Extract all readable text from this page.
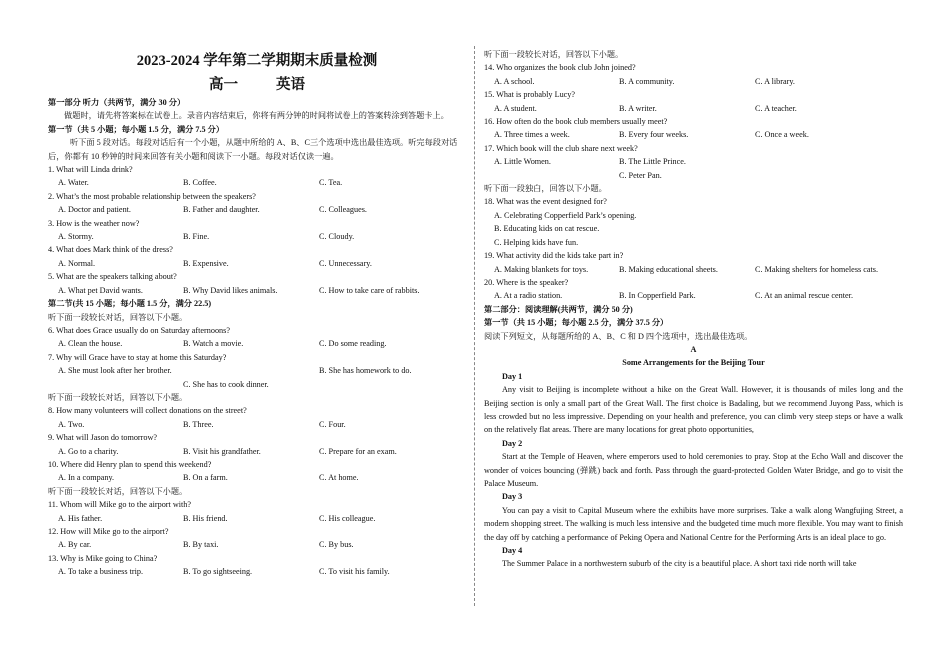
2023-2024 学年第二学期期末质量检测
高一	英语
第一部分 听力（共两节，满分 30 分）
做题时，请先将答案标在试卷上。录音内容结束后，你将有两分钟的时间将试卷上的答案转涂到答题卡上。
第一节（共 5 小题；每小题 1.5 分，满分 7.5 分）
听下面 5 段对话。每段对话后有一个小题，从题中所给的 A、B、C三个选项中选出最佳选项。听完每段对话后，你都有 10 秒钟的时间来回答有关小题和阅读下一小题。每段对话仅读一遍。
1. What will Linda drink?
A. Water.	B. Coffee.	C. Tea.
2. What’s the most probable relationship between the speakers?
A. Doctor and patient.	B. Father and daughter.	C. Colleagues.
3. How is the weather now?
A. Stormy.	B. Fine.	C. Cloudy.
4. What does Mark think of the dress?
A. Normal.	B. Expensive.	C. Unnecessary.
5. What are the speakers talking about?
A. What pet David wants.	B. Why David likes animals.	C. How to take care of rabbits.
第二节(共 15 小题；每小题 1.5 分，满分 22.5)
听下面一段较长对话，回答以下小题。
6. What does Grace usually do on Saturday afternoons?
A. Clean the house.	B. Watch a movie.	C. Do some reading.
7. Why will Grace have to stay at home this Saturday?
A. She must look after her brother.	B. She has homework to do.
C. She has to cook dinner.
听下面一段较长对话，回答以下小题。
8. How many volunteers will collect donations on the street?
A. Two.	B. Three.	C. Four.
9. What will Jason do tomorrow?
A. Go to a charity.	B. Visit his grandfather.	C. Prepare for an exam.
10. Where did Henry plan to spend this weekend?
A. In a company.	B. On a farm.	C. At home.
听下面一段较长对话，回答以下小题。
11. Whom will Mike go to the airport with?
A. His father.	B. His friend.	C. His colleague.
12. How will Mike go to the airport?
A. By car.	B. By taxi.	C. By bus.
13. Why is Mike going to China?
A. To take a business trip.	B. To go sightseeing.	C. To visit his family.
听下面一段较长对话，回答以下小题。
14. Who organizes the book club John joined?
A. A school.	B. A community.	C. A library.
15. What is probably Lucy?
A. A student.	B. A writer.	C. A teacher.
16. How often do the book club members usually meet?
A. Three times a week.	B. Every four weeks.	C. Once a week.
17. Which book will the club share next week?
A. Little Women.	B. The Little Prince.
C. Peter Pan.
听下面一段独白，回答以下小题。
18. What was the event designed for?
A. Celebrating Copperfield Park’s opening.
B. Educating kids on cat rescue.
C. Helping kids have fun.
19. What activity did the kids take part in?
A. Making blankets for toys.	B. Making educational sheets.	C. Making shelters for homeless cats.
20. Where is the speaker?
A. At a radio station.	B. In Copperfield Park.	C. At an animal rescue center.
第二部分：阅读理解(共两节，满分 50 分)
第一节（共 15 小题；每小题 2.5 分，满分 37.5 分）
阅读下列短文，从每题所给的 A、B、C 和 D 四个选项中，选出最佳选项。
A
Some Arrangements for the Beijing Tour
Day 1
Any visit to Beijing is incomplete without a hike on the Great Wall. However, it is thousands of miles long and the Beijing section is only a small part of the Great Wall. The first choice is Badaling, but we recommend Juyong Pass, which is less crowded but no less impressive. Depending on your health and preference, you can climb very steep steps or have a walk on the relatively flat areas. There are many locations for great photo opportunities,
Day 2
Start at the Temple of Heaven, where emperors used to hold ceremonies to pray. Stop at the Echo Wall and discover the wonder of voices bouncing (弹跳) back and forth. Pass through the guard-protected Golden Water Bridge, and go to visit the Palace Museum.
Day 3
You can pay a visit to Capital Museum where the exhibits have more surprises. Take a walk along Wangfujing Street, a modern shopping street. The walking is much less intensive and the budgeted time much more flexible. You may want to finish the day off by catching a performance of Peking Opera and National Centre for the Performing Arts is an ideal place to go.
Day 4
The Summer Palace in a northwestern suburb of the city is a beautiful place. A short taxi ride north will take
